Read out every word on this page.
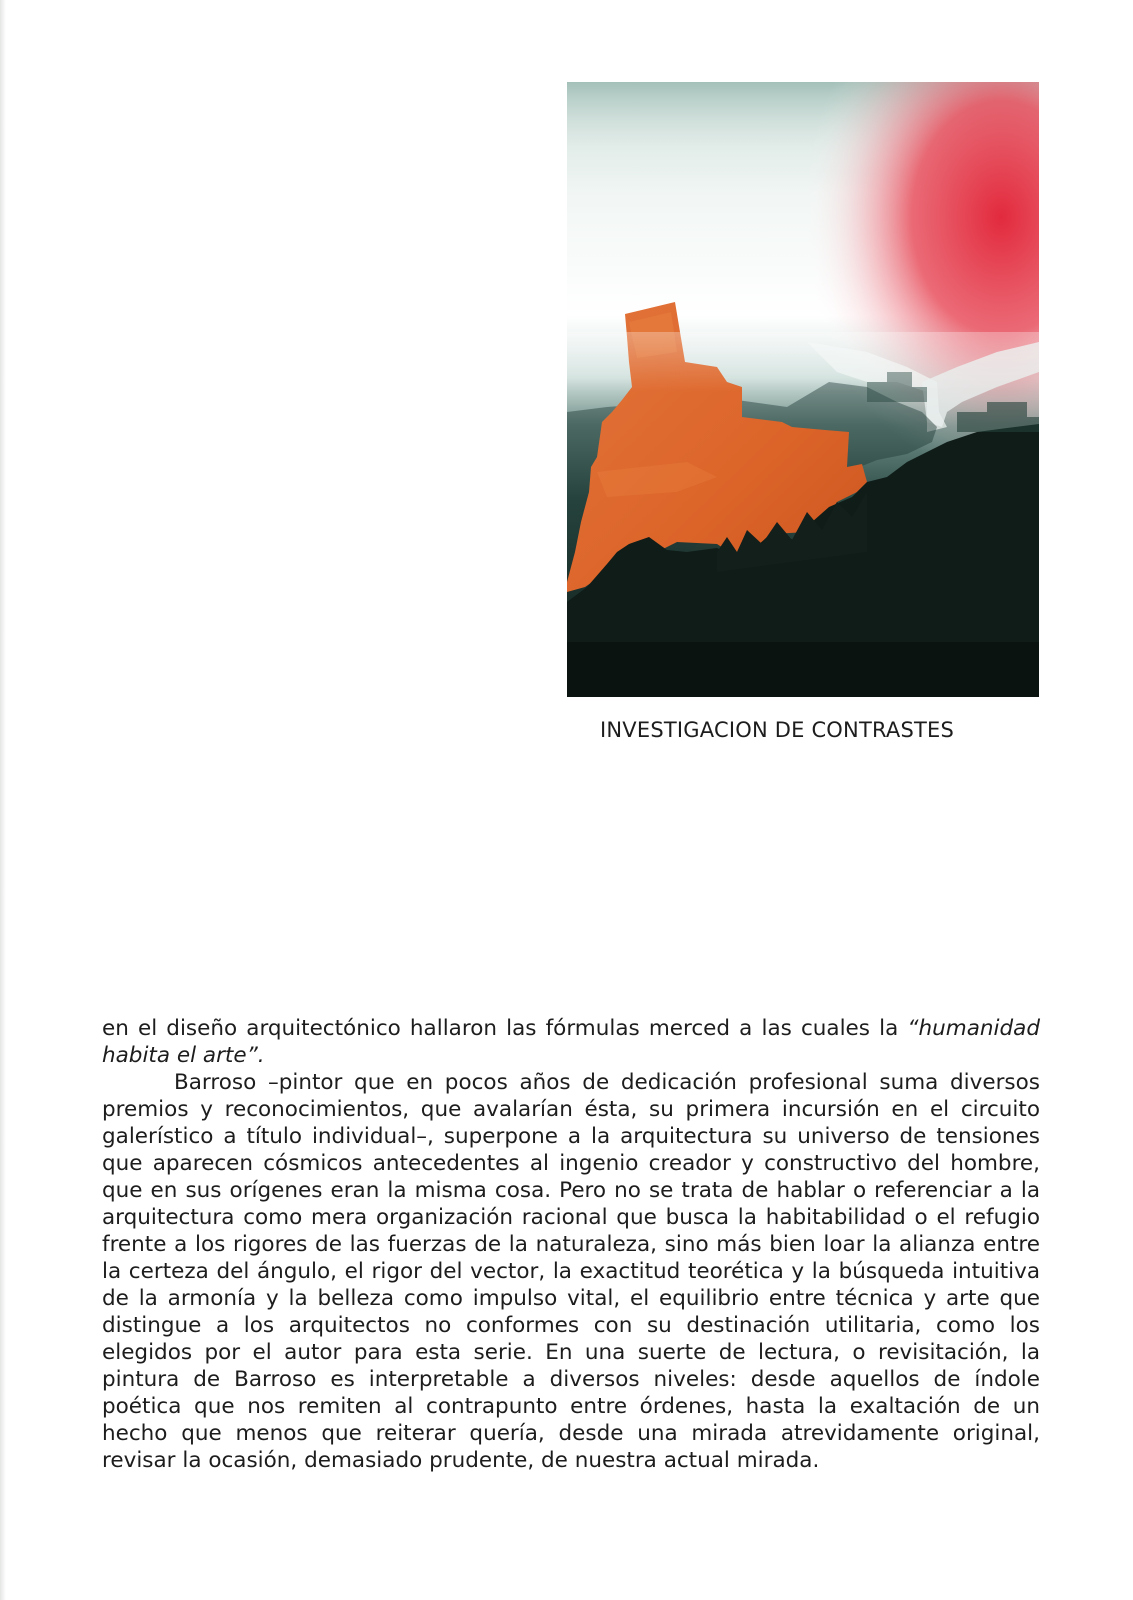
INVESTIGACION DE CONTRASTES

en el diseño arquitectónico hallaron las fórmulas merced a las cuales la “humanidad habita el arte”.

Barroso –pintor que en pocos años de dedicación profesional suma diversos premios y reconocimientos, que avalarían ésta, su primera incursión en el circuito galerístico a título individual–, superpone a la arquitectura su universo de tensiones que aparecen cósmicos antecedentes al ingenio creador y constructivo del hombre, que en sus orígenes eran la misma cosa. Pero no se trata de hablar o referenciar a la arquitectura como mera organización racional que busca la habitabilidad o el refugio frente a los rigores de las fuerzas de la naturaleza, sino más bien loar la alianza entre la certeza del ángulo, el rigor del vector, la exactitud teorética y la búsqueda intuitiva de la armonía y la belleza como impulso vital, el equilibrio entre técnica y arte que distingue a los arquitectos no conformes con su destinación utilitaria, como los elegidos por el autor para esta serie. En una suerte de lectura, o revisitación, la pintura de Barroso es interpretable a diversos niveles: desde aquellos de índole poética que nos remiten al contrapunto entre órdenes, hasta la exaltación de un hecho que menos que reiterar quería, desde una mirada atrevidamente original, revisar la ocasión, demasiado prudente, de nuestra actual mirada.
